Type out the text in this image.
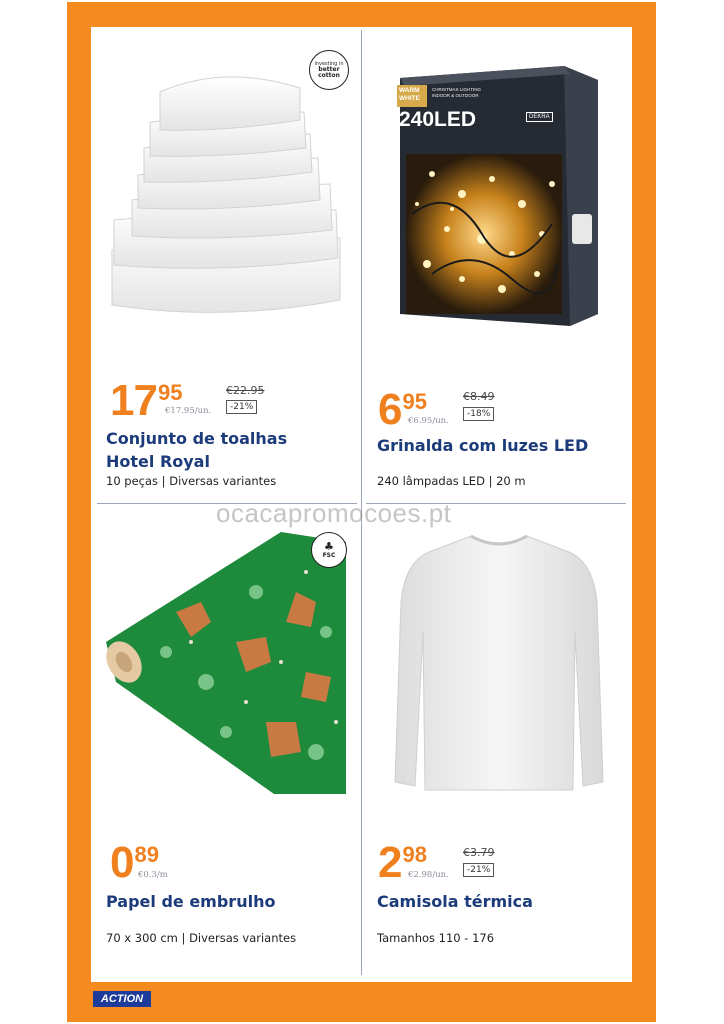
investing in
better
cotton
17 95
€17.95/un.
€22.95
-21%
Conjunto de toalhas
Hotel Royal
10 peças | Diversas variantes
WARM WHITE
CHRISTMAS LIGHTING INDOOR & OUTDOOR
240LED	DEKRA
6 95
€6.95/un.
€8.49
-18%
Grinalda com luzes LED
240 lâmpadas LED | 20 m
♣
FSC
0 89
€0.3/m
Papel de embrulho
70 x 300 cm | Diversas variantes
2 98
€2.98/un.
€3.79
-21%
Camisola térmica
Tamanhos 110 - 176
ocacapromocoes.pt
ACTION
